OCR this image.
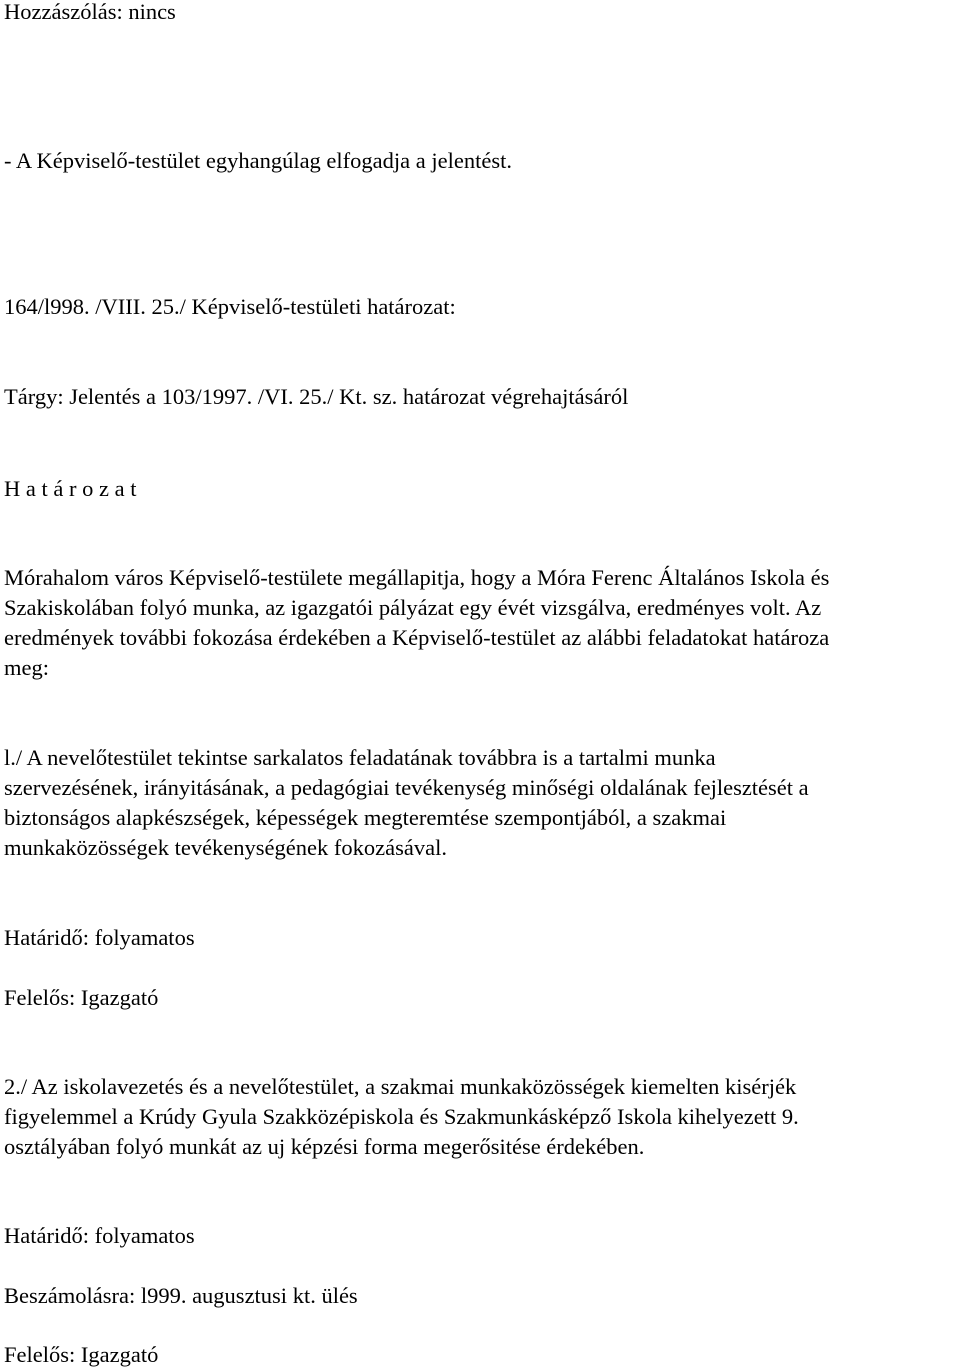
Hozzászólás: nincs

- A Képviselő-testület egyhangúlag elfogadja a jelentést.

164/l998. /VIII. 25./ Képviselő-testületi határozat:

Tárgy: Jelentés a 103/1997. /VI. 25./ Kt. sz. határozat végrehajtásáról

H a t á r o z a t

Mórahalom város Képviselő-testülete megállapitja, hogy a Móra Ferenc Általános Iskola és
Szakiskolában folyó munka, az igazgatói pályázat egy évét vizsgálva, eredményes volt. Az
eredmények további fokozása érdekében a Képviselő-testület az alábbi feladatokat határoza
meg:
l./ A nevelőtestület tekintse sarkalatos feladatának továbbra is a tartalmi munka
szervezésének, irányitásának, a pedagógiai tevékenység minőségi oldalának fejlesztését a
biztonságos alapkészségek, képességek megteremtése szempontjából, a szakmai
munkaközösségek tevékenységének fokozásával.

Határidő: folyamatos

Felelős: Igazgató

2./ Az iskolavezetés és a nevelőtestület, a szakmai munkaközösségek kiemelten kisérjék
figyelemmel a Krúdy Gyula Szakközépiskola és Szakmunkásképző Iskola kihelyezett 9.
osztályában folyó munkát az uj képzési forma megerősitése érdekében.

Határidő: folyamatos

Beszámolásra: l999. augusztusi kt. ülés

Felelős: Igazgató
